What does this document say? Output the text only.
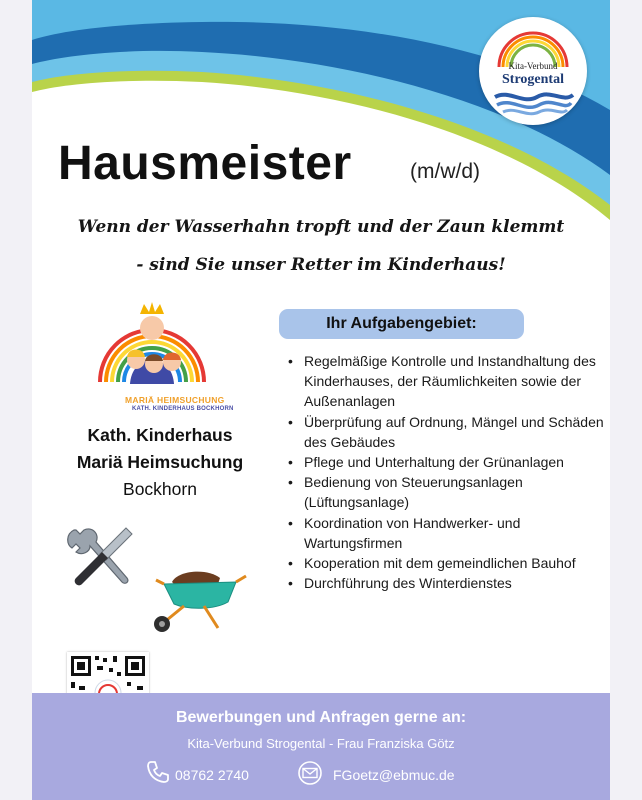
Kita-Verbund
Strogental
Hausmeister	(m/w/d)
Wenn der Wasserhahn tropft und der Zaun klemmt
- sind Sie unser Retter im Kinderhaus!
MARIÄ HEIMSUCHUNG
KATH. KINDERHAUS BOCKHORN
Kath. Kinderhaus
Mariä Heimsuchung
Bockhorn
Ihr Aufgabengebiet:
• Regelmäßige Kontrolle und Instandhaltung des Kinderhauses, der Räumlichkeiten sowie der Außenanlagen
• Überprüfung auf Ordnung, Mängel und Schäden des Gebäudes
• Pflege und Unterhaltung der Grünanlagen
• Bedienung von Steuerungsanlagen (Lüftungsanlage)
• Koordination von Handwerker- und Wartungsfirmen
• Kooperation mit dem gemeindlichen Bauhof
• Durchführung des Winterdienstes
Bewerbungen und Anfragen gerne an:
Kita-Verbund Strogental - Frau Franziska Götz
08762 2740	FGoetz@ebmuc.de
